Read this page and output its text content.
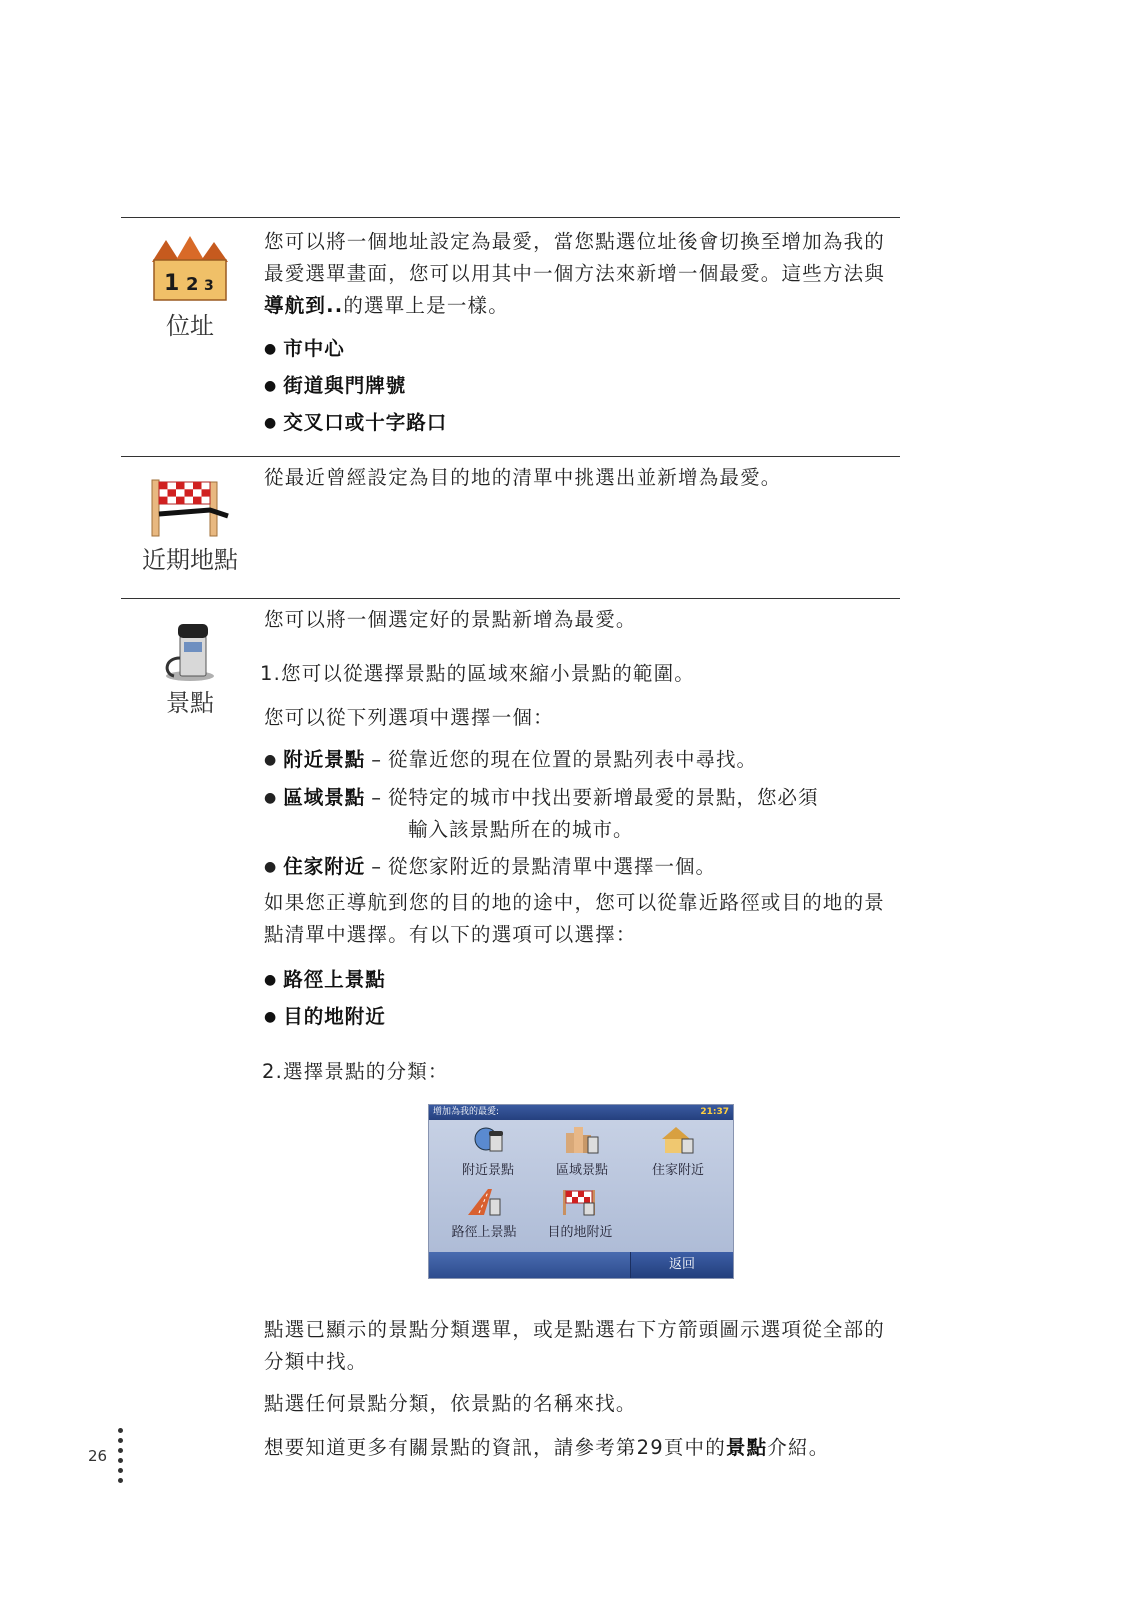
1 2 3
位址

您可以將一個地址設定為最愛，當您點選位址後會切換至增加為我的最愛選單畫面，您可以用其中一個方法來新增一個最愛。這些方法與導航到..的選單上是一樣。

● 市中心
● 街道與門牌號
● 交叉口或十字路口
近期地點

從最近曾經設定為目的地的清單中挑選出並新增為最愛。

景點

您可以將一個選定好的景點新增為最愛。

1.您可以從選擇景點的區域來縮小景點的範圍。

您可以從下列選項中選擇一個：

● 附近景點 – 從靠近您的現在位置的景點列表中尋找。
● 區域景點 – 從特定的城市中找出要新增最愛的景點，您必須
輸入該景點所在的城市。
● 住家附近 – 從您家附近的景點清單中選擇一個。

如果您正導航到您的目的地的途中，您可以從靠近路徑或目的地的景點清單中選擇。有以下的選項可以選擇：

● 路徑上景點
● 目的地附近

2.選擇景點的分類：

增加為我的最愛:	21:37
附近景點	區域景點	住家附近
路徑上景點	目的地附近
返回

點選已顯示的景點分類選單，或是點選右下方箭頭圖示選項從全部的分類中找。

點選任何景點分類，依景點的名稱來找。

想要知道更多有關景點的資訊，請參考第29頁中的景點介紹。

26
